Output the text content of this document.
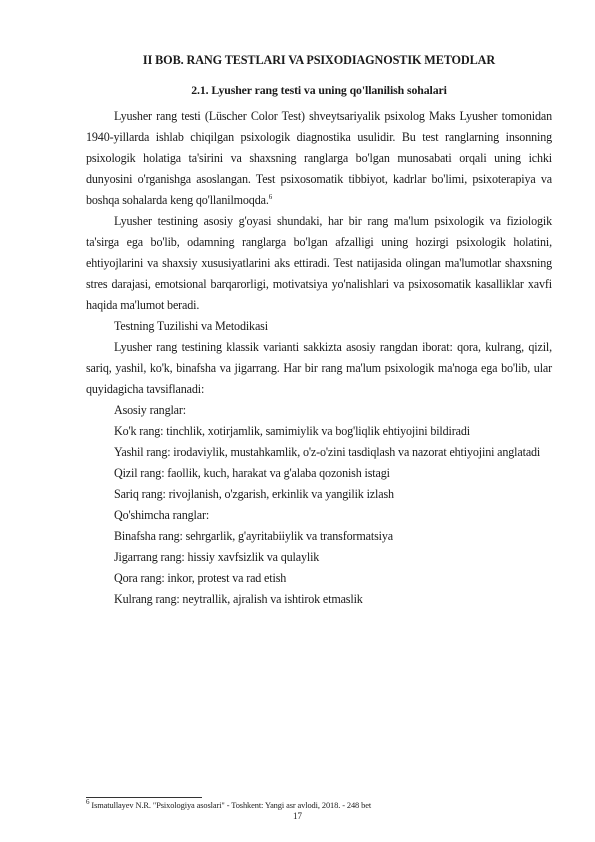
II BOB. RANG TESTLARI VA PSIXODIAGNOSTIK METODLAR
2.1. Lyusher rang testi va uning qo'llanilish sohalari

Lyusher rang testi (Lüscher Color Test) shveytsariyalik psixolog Maks Lyusher tomonidan 1940-yillarda ishlab chiqilgan psixologik diagnostika usulidir. Bu test ranglarning insonning psixologik holatiga ta'sirini va shaxsning ranglarga bo'lgan munosabati orqali uning ichki dunyosini o'rganishga asoslangan. Test psixosomatik tibbiyot, kadrlar bo'limi, psixoterapiya va boshqa sohalarda keng qo'llanilmoqda.$^6$

Lyusher testining asosiy g'oyasi shundaki, har bir rang ma'lum psixologik va fiziologik ta'sirga ega bo'lib, odamning ranglarga bo'lgan afzalligi uning hozirgi psixologik holatini, ehtiyojlarini va shaxsiy xususiyatlarini aks ettiradi. Test natijasida olingan ma'lumotlar shaxsning stres darajasi, emotsional barqarorligi, motivatsiya yo'nalishlari va psixosomatik kasalliklar xavfi haqida ma'lumot beradi.

Testning Tuzilishi va Metodikasi

Lyusher rang testining klassik varianti sakkizta asosiy rangdan iborat: qora, kulrang, qizil, sariq, yashil, ko'k, binafsha va jigarrang. Har bir rang ma'lum psixologik ma'noga ega bo'lib, ular quyidagicha tavsiflanadi:

Asosiy ranglar:
Ko'k rang: tinchlik, xotirjamlik, samimiylik va bog'liqlik ehtiyojini bildiradi

Yashil rang: irodaviylik, mustahkamlik, o'z-o'zini tasdiqlash va nazorat ehtiyojini anglatadi

Qizil rang: faollik, kuch, harakat va g'alaba qozonish istagi
Sariq rang: rivojlanish, o'zgarish, erkinlik va yangilik izlash
Qo'shimcha ranglar:
Binafsha rang: sehrgarlik, g'ayritabiiylik va transformatsiya
Jigarrang rang: hissiy xavfsizlik va qulaylik
Qora rang: inkor, protest va rad etish
Kulrang rang: neytrallik, ajralish va ishtirok etmaslik
$^6$ Ismatullayev N.R. "Psixologiya asoslari" - Toshkent: Yangi asr avlodi, 2018. - 248 bet
17
